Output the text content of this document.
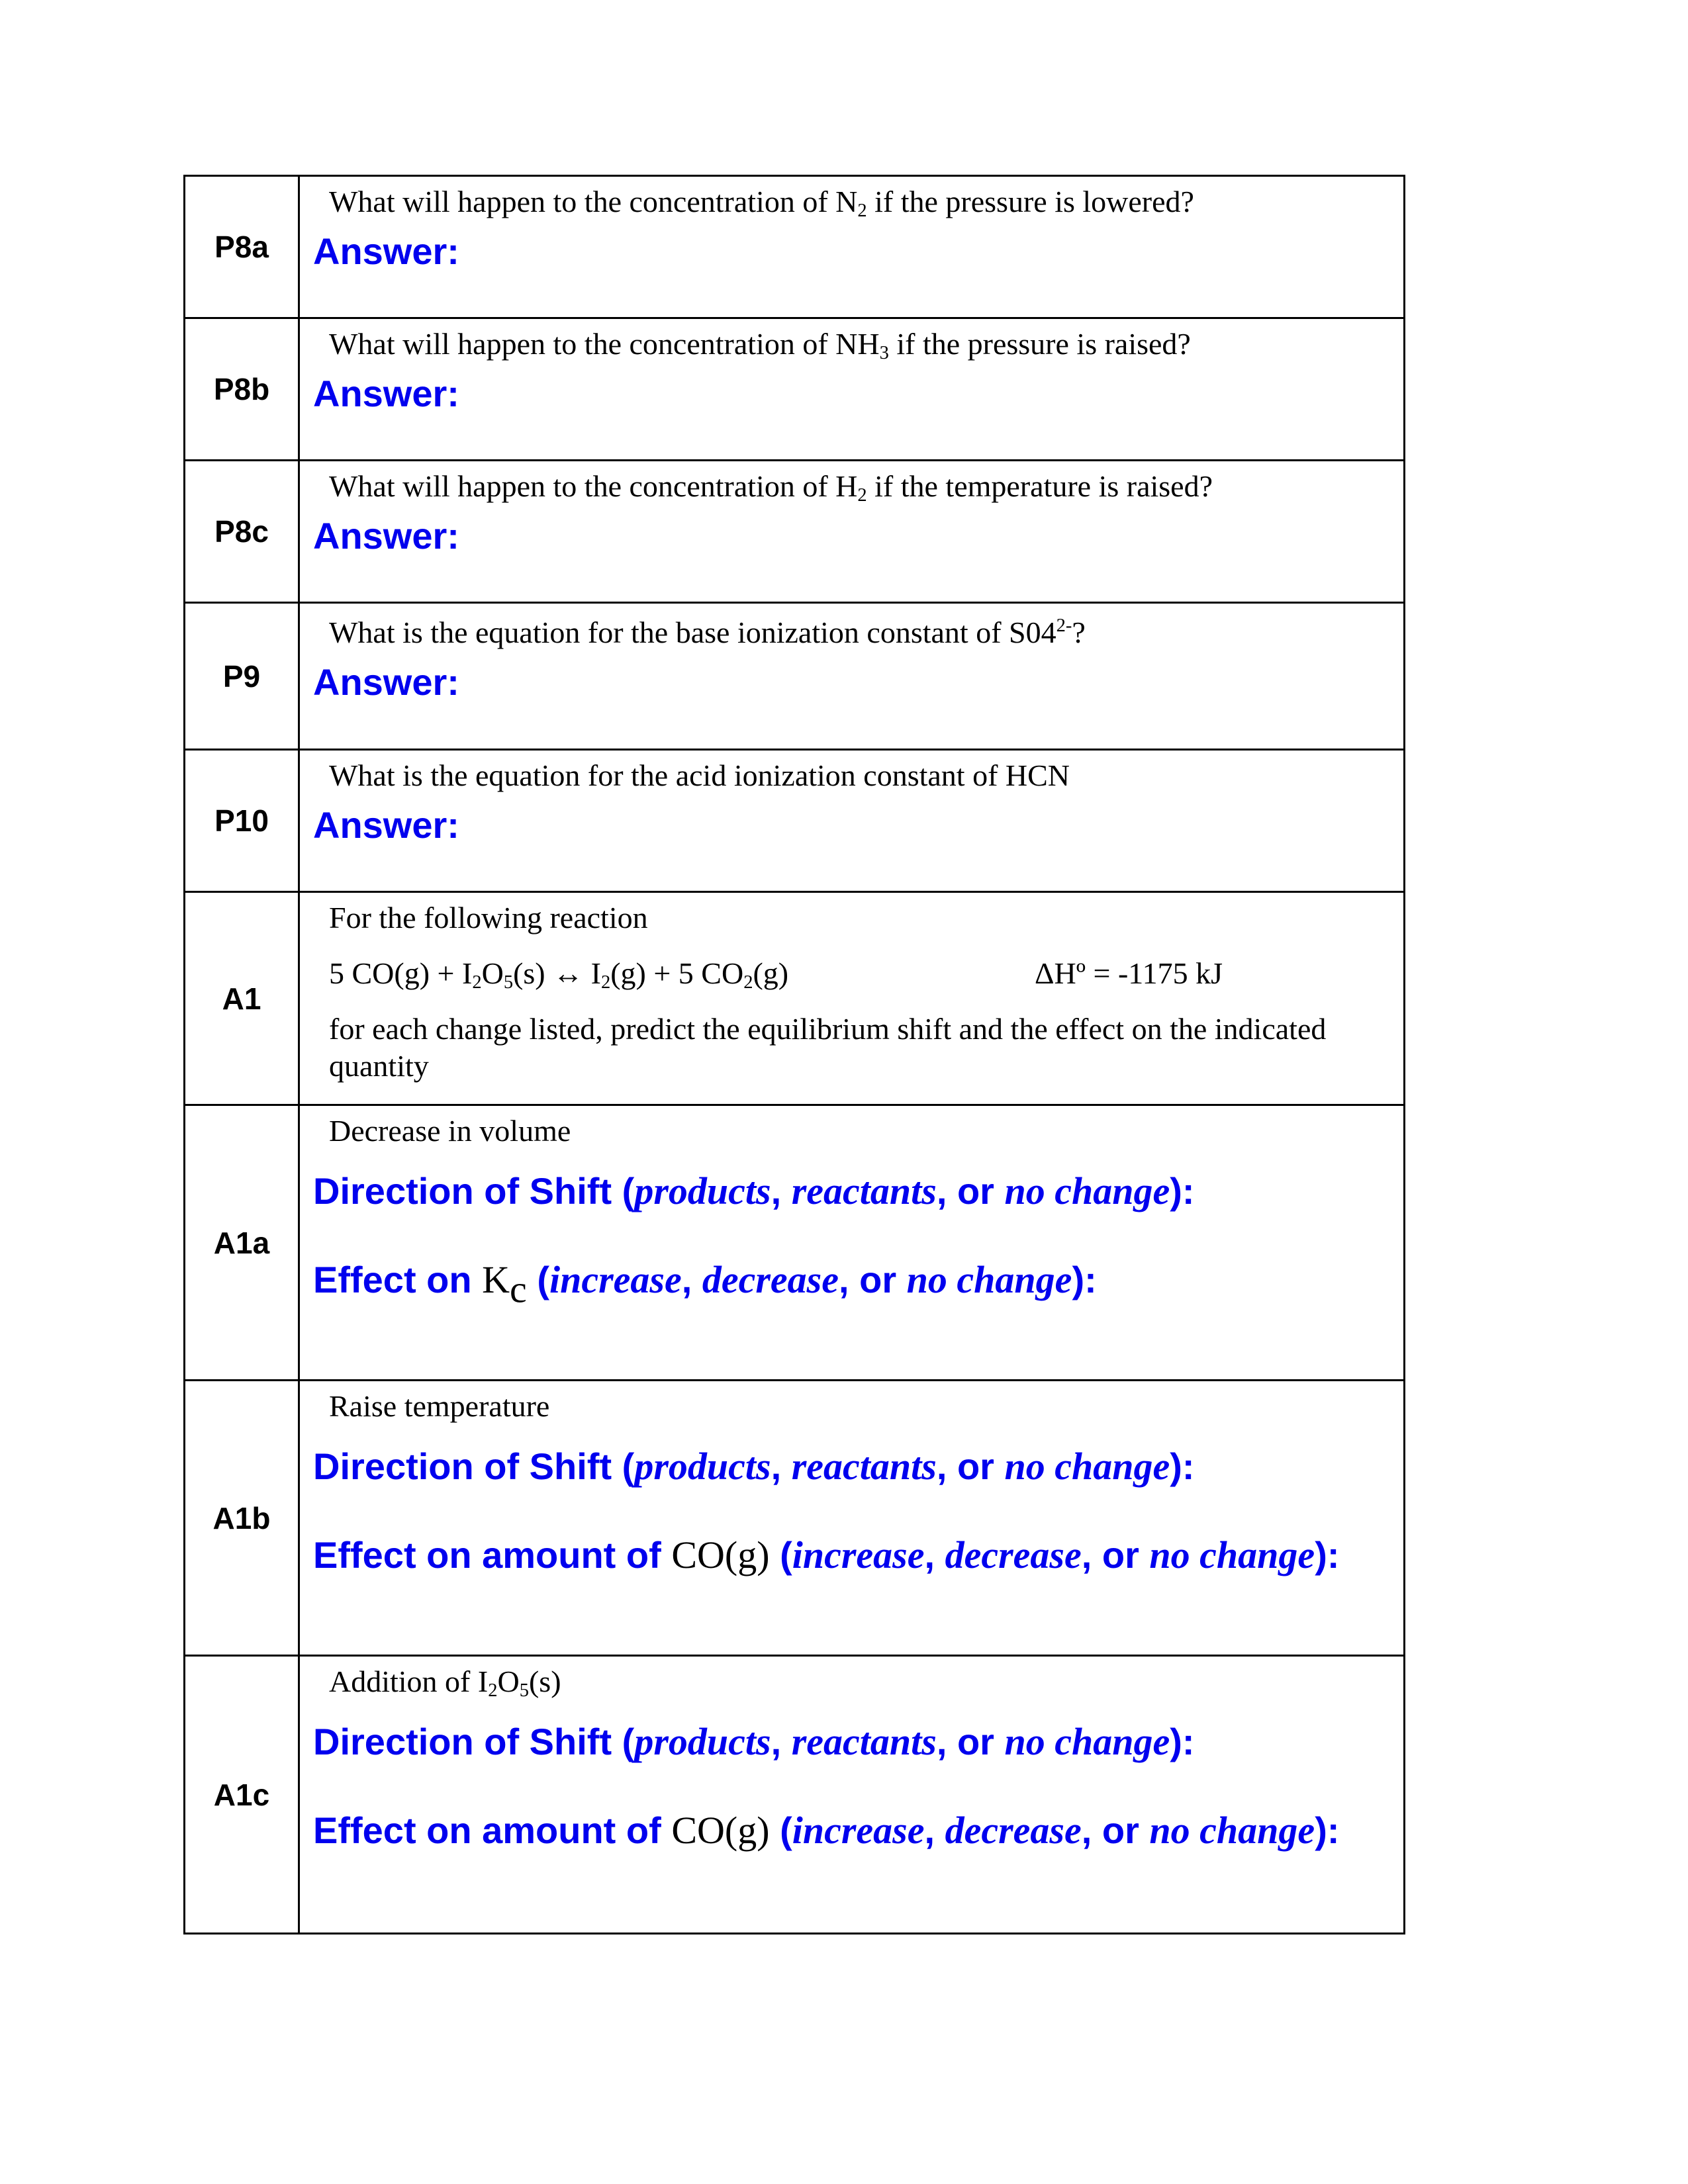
P8a	What will happen to the concentration of $N_2$ if the pressure is lowered?

Answer:

P8b	What will happen to the concentration of $NH_3$ if the pressure is raised?

Answer:

P8c	What will happen to the concentration of $H_2$ if the temperature is raised?

Answer:

P9	What is the equation for the base ionization constant of $S04^{2-}$?

Answer:

P10	What is the equation for the acid ionization constant of HCN

Answer:

A1	For the following reaction

5 $CO(g) + I_2O_5(s)$ ↔ $I_2(g) + 5$ $CO_2(g)$ ΔHº = -1175 kJ

for each change listed, predict the equilibrium shift and the effect on the indicated quantity

A1a	Decrease in volume

Direction of Shift (products, reactants, or no change):

Effect on $K_c$ (increase, decrease, or no change):

A1b	Raise temperature

Direction of Shift (products, reactants, or no change):

Effect on amount of CO(g) (increase, decrease, or no change):

A1c	Addition of $I_2O_5(s)$

Direction of Shift (products, reactants, or no change):

Effect on amount of CO(g) (increase, decrease, or no change):
